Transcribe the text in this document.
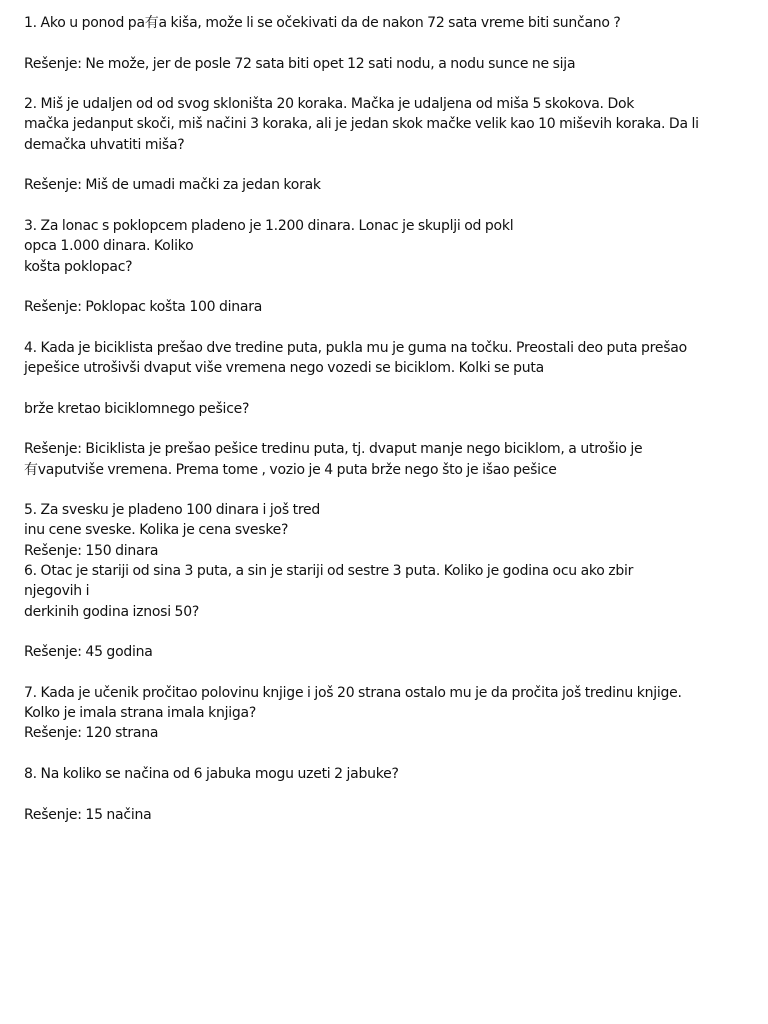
1. Ako u ponod pa有a kiša, može li se očekivati da de nakon 72 sata vreme biti sunčano ?
Rešenje: Ne može, jer de posle 72 sata biti opet 12 sati nodu, a nodu sunce ne sija
2. Miš je udaljen od od svog skloništa 20 koraka. Mačka je udaljena od miša 5 skokova. Dok
mačka jedanput skoči, miš načini 3 koraka, ali je jedan skok mačke velik kao 10 miševih koraka. Da li
demačka uhvatiti miša?
Rešenje: Miš de umadi mački za jedan korak
3. Za lonac s poklopcem pladeno je 1.200 dinara. Lonac je skuplji od pokl
opca 1.000 dinara. Koliko
košta poklopac?
Rešenje: Poklopac košta 100 dinara
4. Kada je biciklista prešao dve tredine puta, pukla mu je guma na točku. Preostali deo puta prešao
jepešice utrošivši dvaput više vremena nego vozedi se biciklom. Kolki se puta
brže kretao biciklomnego pešice?
Rešenje: Biciklista je prešao pešice tredinu puta, tj. dvaput manje nego biciklom, a utrošio je
有vaputviše vremena. Prema tome , vozio je 4 puta brže nego što je išao pešice
5. Za svesku je pladeno 100 dinara i još tred
inu cene sveske. Kolika je cena sveske?
Rešenje: 150 dinara
6. Otac je stariji od sina 3 puta, a sin je stariji od sestre 3 puta. Koliko je godina ocu ako zbir
njegovih i
derkinih godina iznosi 50?
Rešenje: 45 godina
7. Kada je učenik pročitao polovinu knjige i još 20 strana ostalo mu je da pročita još tredinu knjige.
Kolko je imala strana imala knjiga?
Rešenje: 120 strana
8. Na koliko se načina od 6 jabuka mogu uzeti 2 jabuke?
Rešenje: 15 načina
